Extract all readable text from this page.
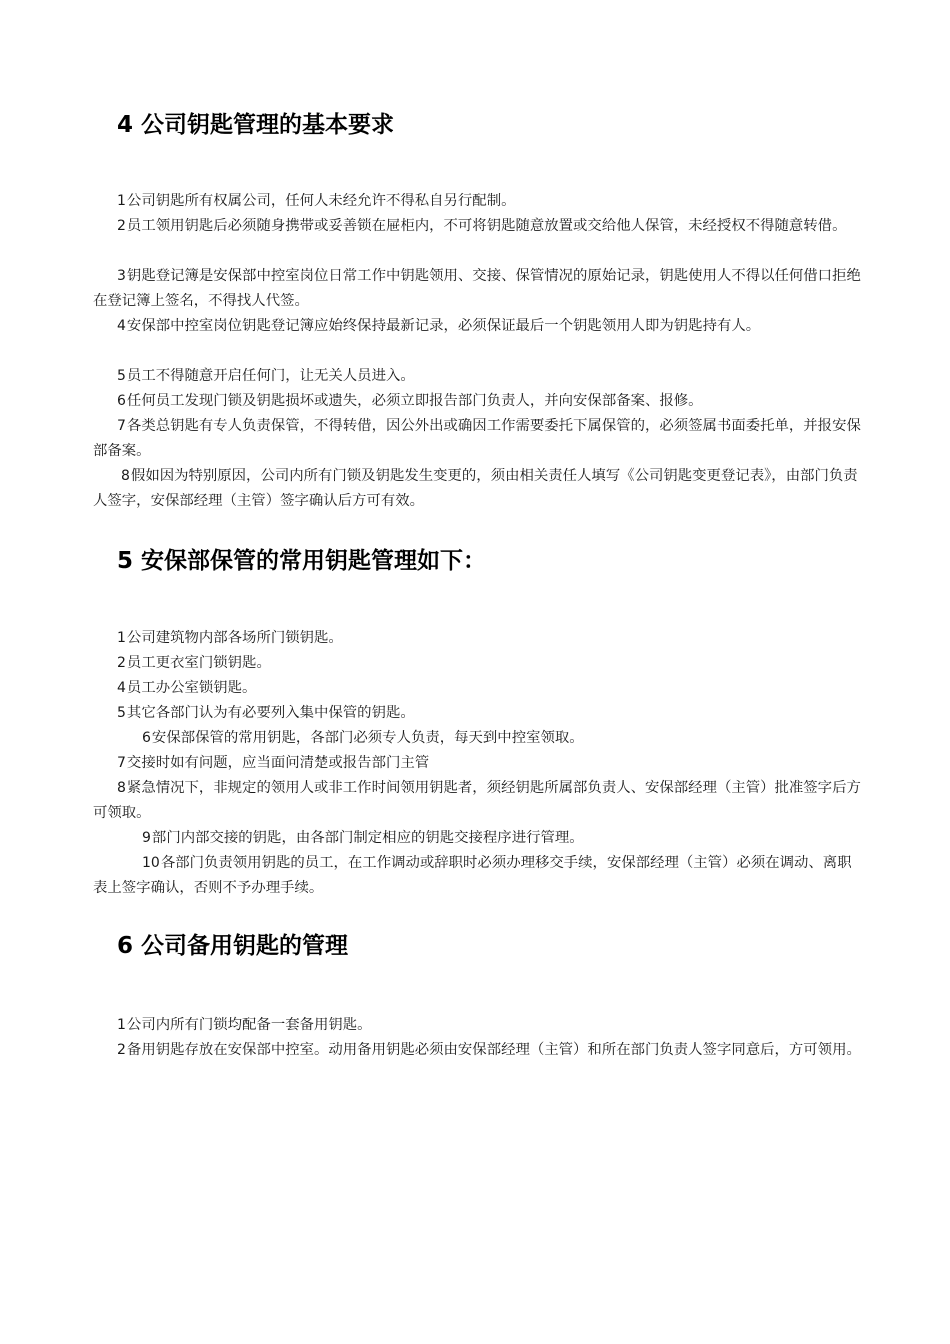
4 公司钥匙管理的基本要求

1公司钥匙所有权属公司，任何人未经允许不得私自另行配制。

2员工领用钥匙后必须随身携带或妥善锁在屉柜内，不可将钥匙随意放置或交给他人保管，未经授权不得随意转借。

3钥匙登记簿是安保部中控室岗位日常工作中钥匙领用、交接、保管情况的原始记录，钥匙使用人不得以任何借口拒绝在登记簿上签名，不得找人代签。

4安保部中控室岗位钥匙登记簿应始终保持最新记录，必须保证最后一个钥匙领用人即为钥匙持有人。

5员工不得随意开启任何门，让无关人员进入。

6任何员工发现门锁及钥匙损坏或遗失，必须立即报告部门负责人，并向安保部备案、报修。

7各类总钥匙有专人负责保管，不得转借，因公外出或确因工作需要委托下属保管的，必须签属书面委托单，并报安保部备案。

8假如因为特别原因，公司内所有门锁及钥匙发生变更的，须由相关责任人填写《公司钥匙变更登记表》，由部门负责人签字，安保部经理（主管）签字确认后方可有效。

5 安保部保管的常用钥匙管理如下：

1公司建筑物内部各场所门锁钥匙。

2员工更衣室门锁钥匙。

4员工办公室锁钥匙。

5其它各部门认为有必要列入集中保管的钥匙。

6安保部保管的常用钥匙，各部门必须专人负责，每天到中控室领取。

7交接时如有问题，应当面问清楚或报告部门主管

8紧急情况下，非规定的领用人或非工作时间领用钥匙者，须经钥匙所属部负责人、安保部经理（主管）批准签字后方可领取。

9部门内部交接的钥匙，由各部门制定相应的钥匙交接程序进行管理。

10各部门负责领用钥匙的员工，在工作调动或辞职时必须办理移交手续，安保部经理（主管）必须在调动、离职表上签字确认，否则不予办理手续。

6 公司备用钥匙的管理

1公司内所有门锁均配备一套备用钥匙。

2备用钥匙存放在安保部中控室。动用备用钥匙必须由安保部经理（主管）和所在部门负责人签字同意后，方可领用。
